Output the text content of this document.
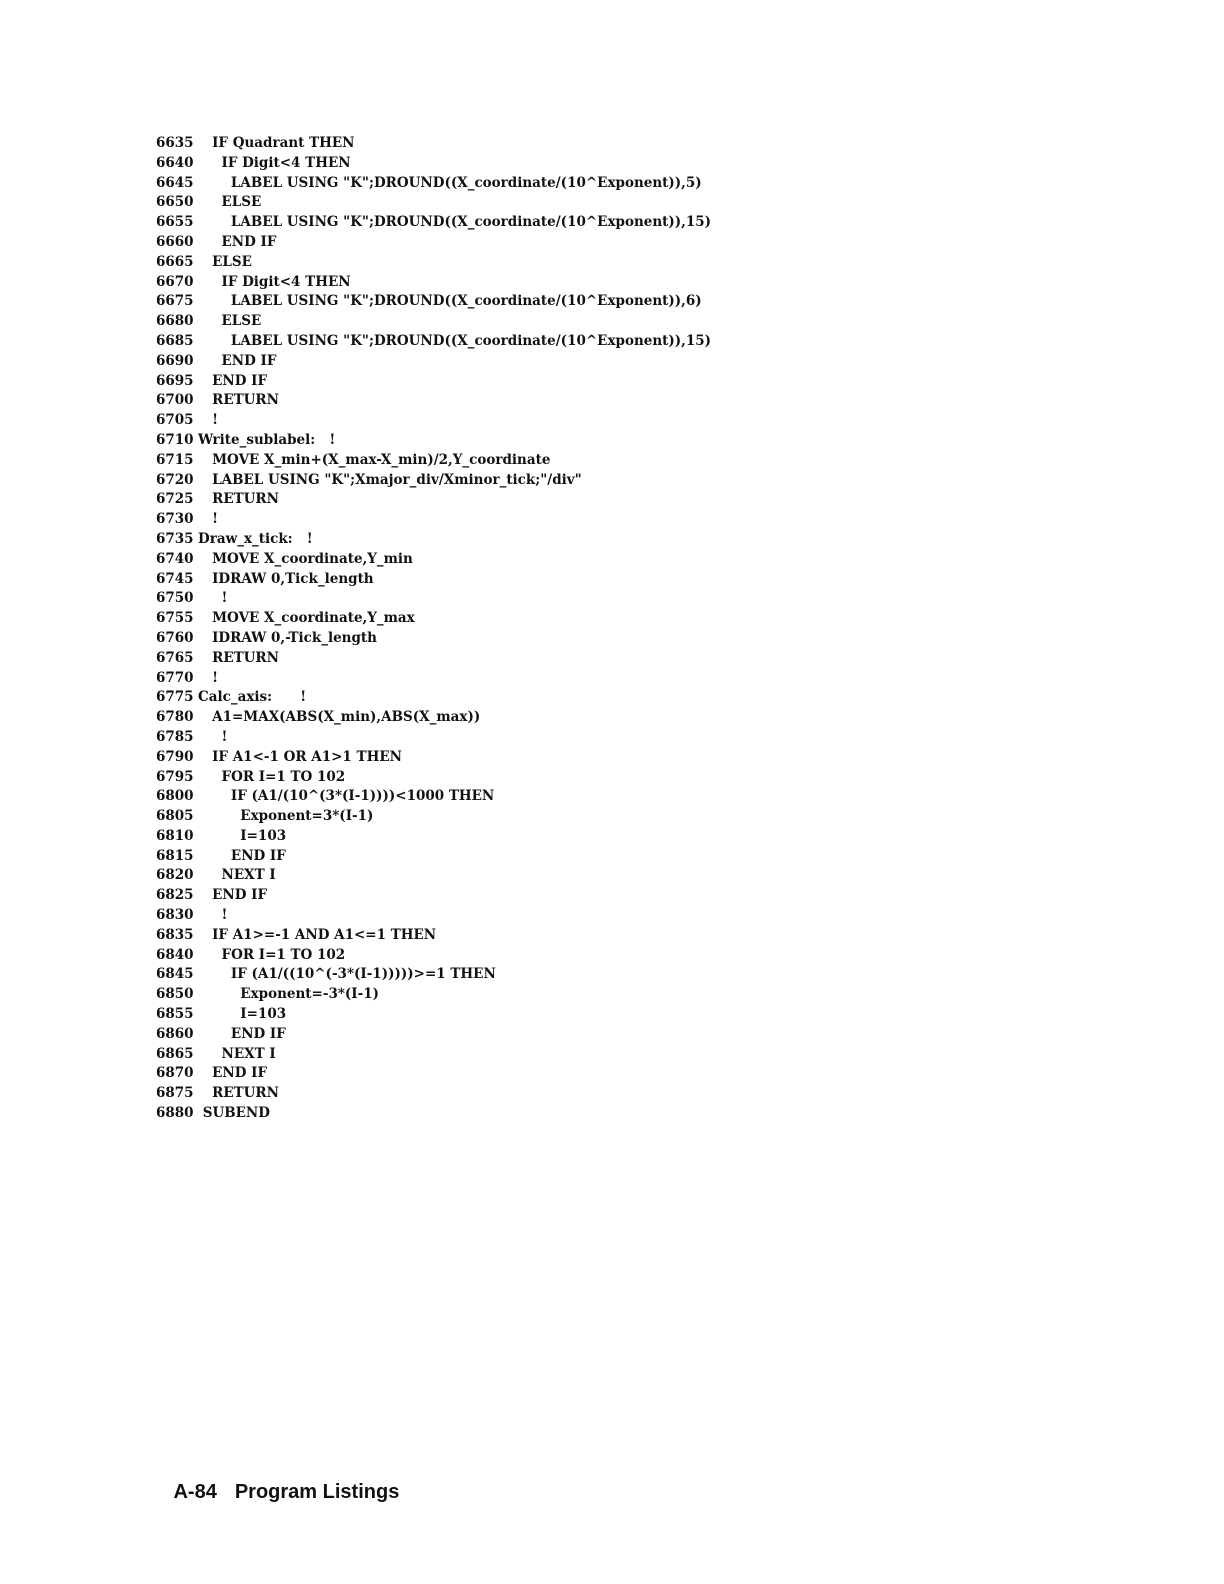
6635 IF Quadrant THEN
6640 IF Digit<4 THEN
6645 LABEL USING "K";DROUND((X_coordinate/(10^Exponent)),5)
6650 ELSE
6655 LABEL USING "K";DROUND((X_coordinate/(10^Exponent)),15)
6660 END IF
6665 ELSE
6670 IF Digit<4 THEN
6675 LABEL USING "K";DROUND((X_coordinate/(10^Exponent)),6)
6680 ELSE
6685 LABEL USING "K";DROUND((X_coordinate/(10^Exponent)),15)
6690 END IF
6695 END IF
6700 RETURN
6705 !
6710 Write_sublabel:   !
6715 MOVE X_min+(X_max-X_min)/2,Y_coordinate
6720 LABEL USING "K";Xmajor_div/Xminor_tick;"/div"
6725 RETURN
6730 !
6735 Draw_x_tick:   !
6740 MOVE X_coordinate,Y_min
6745 IDRAW 0,Tick_length
6750 !
6755 MOVE X_coordinate,Y_max
6760 IDRAW 0,-Tick_length
6765 RETURN
6770 !
6775 Calc_axis:      !
6780 A1=MAX(ABS(X_min),ABS(X_max))
6785 !
6790 IF A1<-1 OR A1>1 THEN
6795 FOR I=1 TO 102
6800 IF (A1/(10^(3*(I-1))))<1000 THEN
6805 Exponent=3*(I-1)
6810 I=103
6815 END IF
6820 NEXT I
6825 END IF
6830 !
6835 IF A1>=-1 AND A1<=1 THEN
6840 FOR I=1 TO 102
6845 IF (A1/((10^(-3*(I-1)))))>=1 THEN
6850 Exponent=-3*(I-1)
6855 I=103
6860 END IF
6865 NEXT I
6870 END IF
6875 RETURN
6880 SUBEND

A-84 Program Listings
